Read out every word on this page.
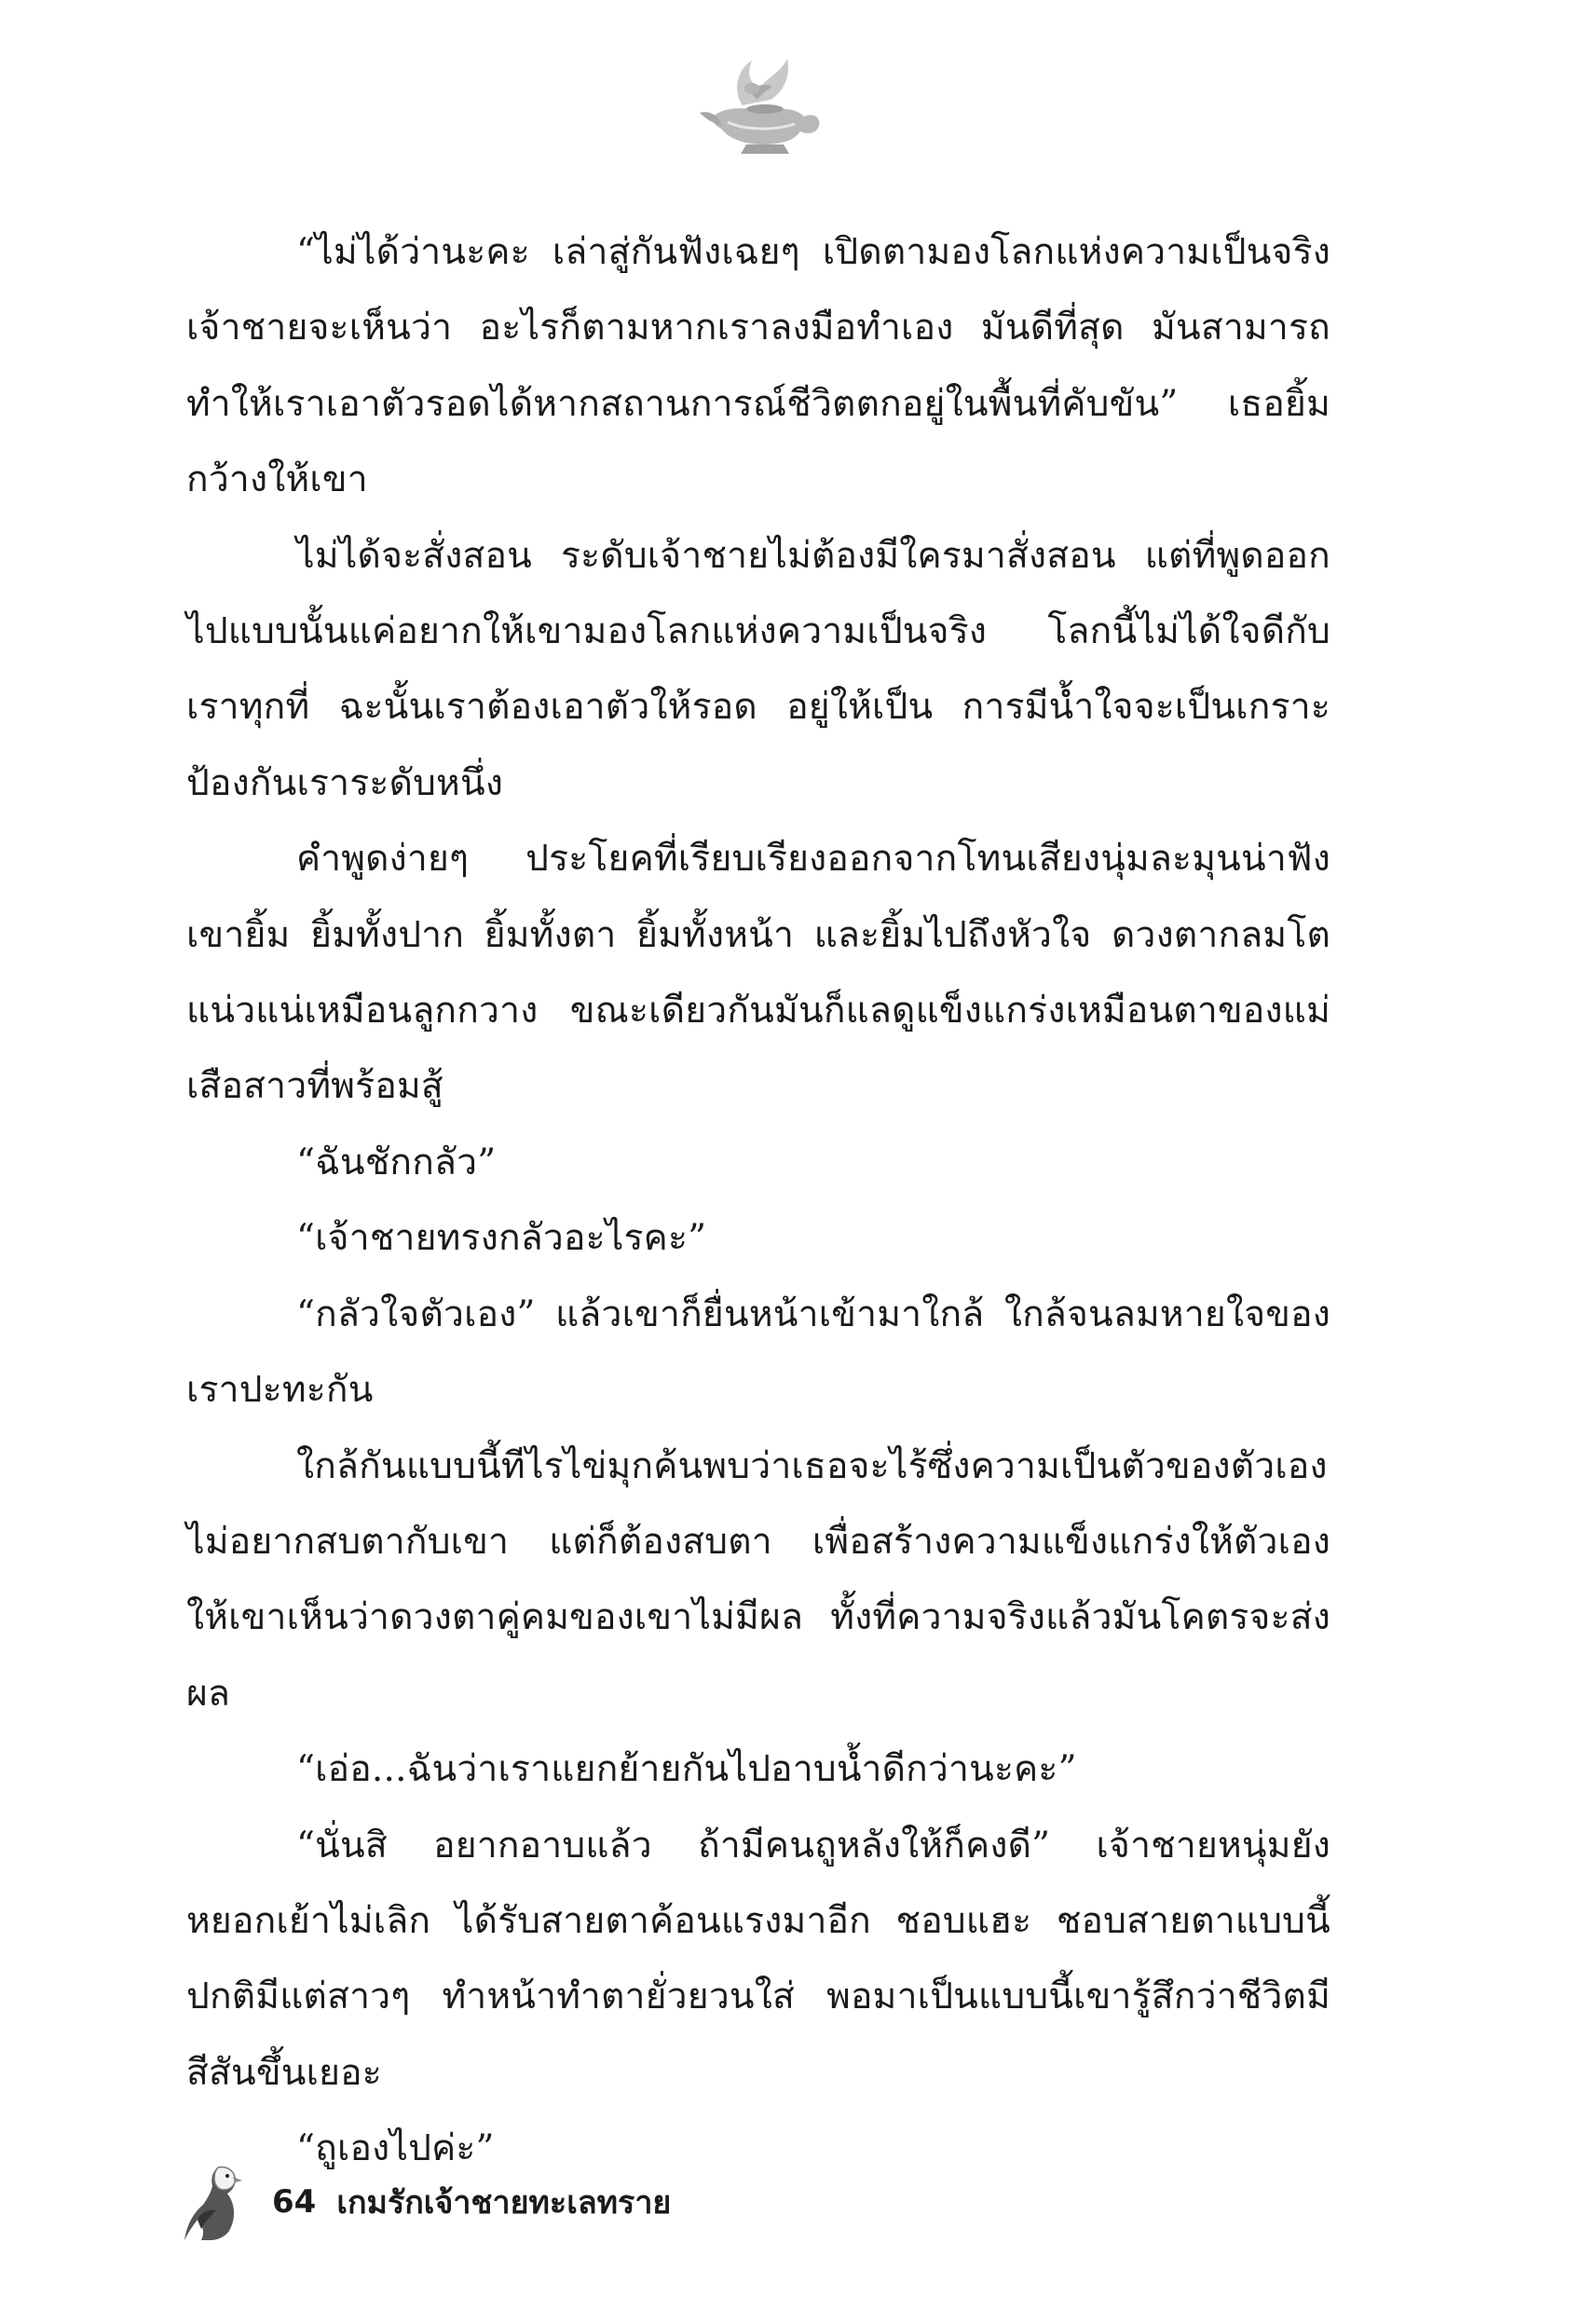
“ไม่ได้ว่านะคะ เล่าสู่กันฟังเฉยๆ เปิดตามองโลกแห่งความเป็นจริง เจ้าชายจะเห็นว่า อะไรก็ตามหากเราลงมือทำเอง มันดีที่สุด มันสามารถทำให้เราเอาตัวรอดได้หากสถานการณ์ชีวิตตกอยู่ในพื้นที่คับขัน” เธอยิ้มกว้างให้เขา

ไม่ได้จะสั่งสอน ระดับเจ้าชายไม่ต้องมีใครมาสั่งสอน แต่ที่พูดออกไปแบบนั้นแค่อยากให้เขามองโลกแห่งความเป็นจริง โลกนี้ไม่ได้ใจดีกับเราทุกที่ ฉะนั้นเราต้องเอาตัวให้รอด อยู่ให้เป็น การมีน้ำใจจะเป็นเกราะป้องกันเราระดับหนึ่ง

คำพูดง่ายๆ ประโยคที่เรียบเรียงออกจากโทนเสียงนุ่มละมุนน่าฟัง เขายิ้ม ยิ้มทั้งปาก ยิ้มทั้งตา ยิ้มทั้งหน้า และยิ้มไปถึงหัวใจ ดวงตากลมโตแน่วแน่เหมือนลูกกวาง ขณะเดียวกันมันก็แลดูแข็งแกร่งเหมือนตาของแม่เสือสาวที่พร้อมสู้

“ฉันชักกลัว”

“เจ้าชายทรงกลัวอะไรคะ”

“กลัวใจตัวเอง” แล้วเขาก็ยื่นหน้าเข้ามาใกล้ ใกล้จนลมหายใจของเราปะทะกัน

ใกล้กันแบบนี้ทีไรไข่มุกค้นพบว่าเธอจะไร้ซึ่งความเป็นตัวของตัวเอง ไม่อยากสบตากับเขา แต่ก็ต้องสบตา เพื่อสร้างความแข็งแกร่งให้ตัวเอง ให้เขาเห็นว่าดวงตาคู่คมของเขาไม่มีผล ทั้งที่ความจริงแล้วมันโคตรจะส่งผล

“เอ่อ...ฉันว่าเราแยกย้ายกันไปอาบน้ำดีกว่านะคะ”

“นั่นสิ อยากอาบแล้ว ถ้ามีคนถูหลังให้ก็คงดี” เจ้าชายหนุ่มยังหยอกเย้าไม่เลิก ได้รับสายตาค้อนแรงมาอีก ชอบแฮะ ชอบสายตาแบบนี้ ปกติมีแต่สาวๆ ทำหน้าทำตายั่วยวนใส่ พอมาเป็นแบบนี้เขารู้สึกว่าชีวิตมีสีสันขึ้นเยอะ

“ถูเองไปค่ะ”

64 เกมรักเจ้าชายทะเลทราย
